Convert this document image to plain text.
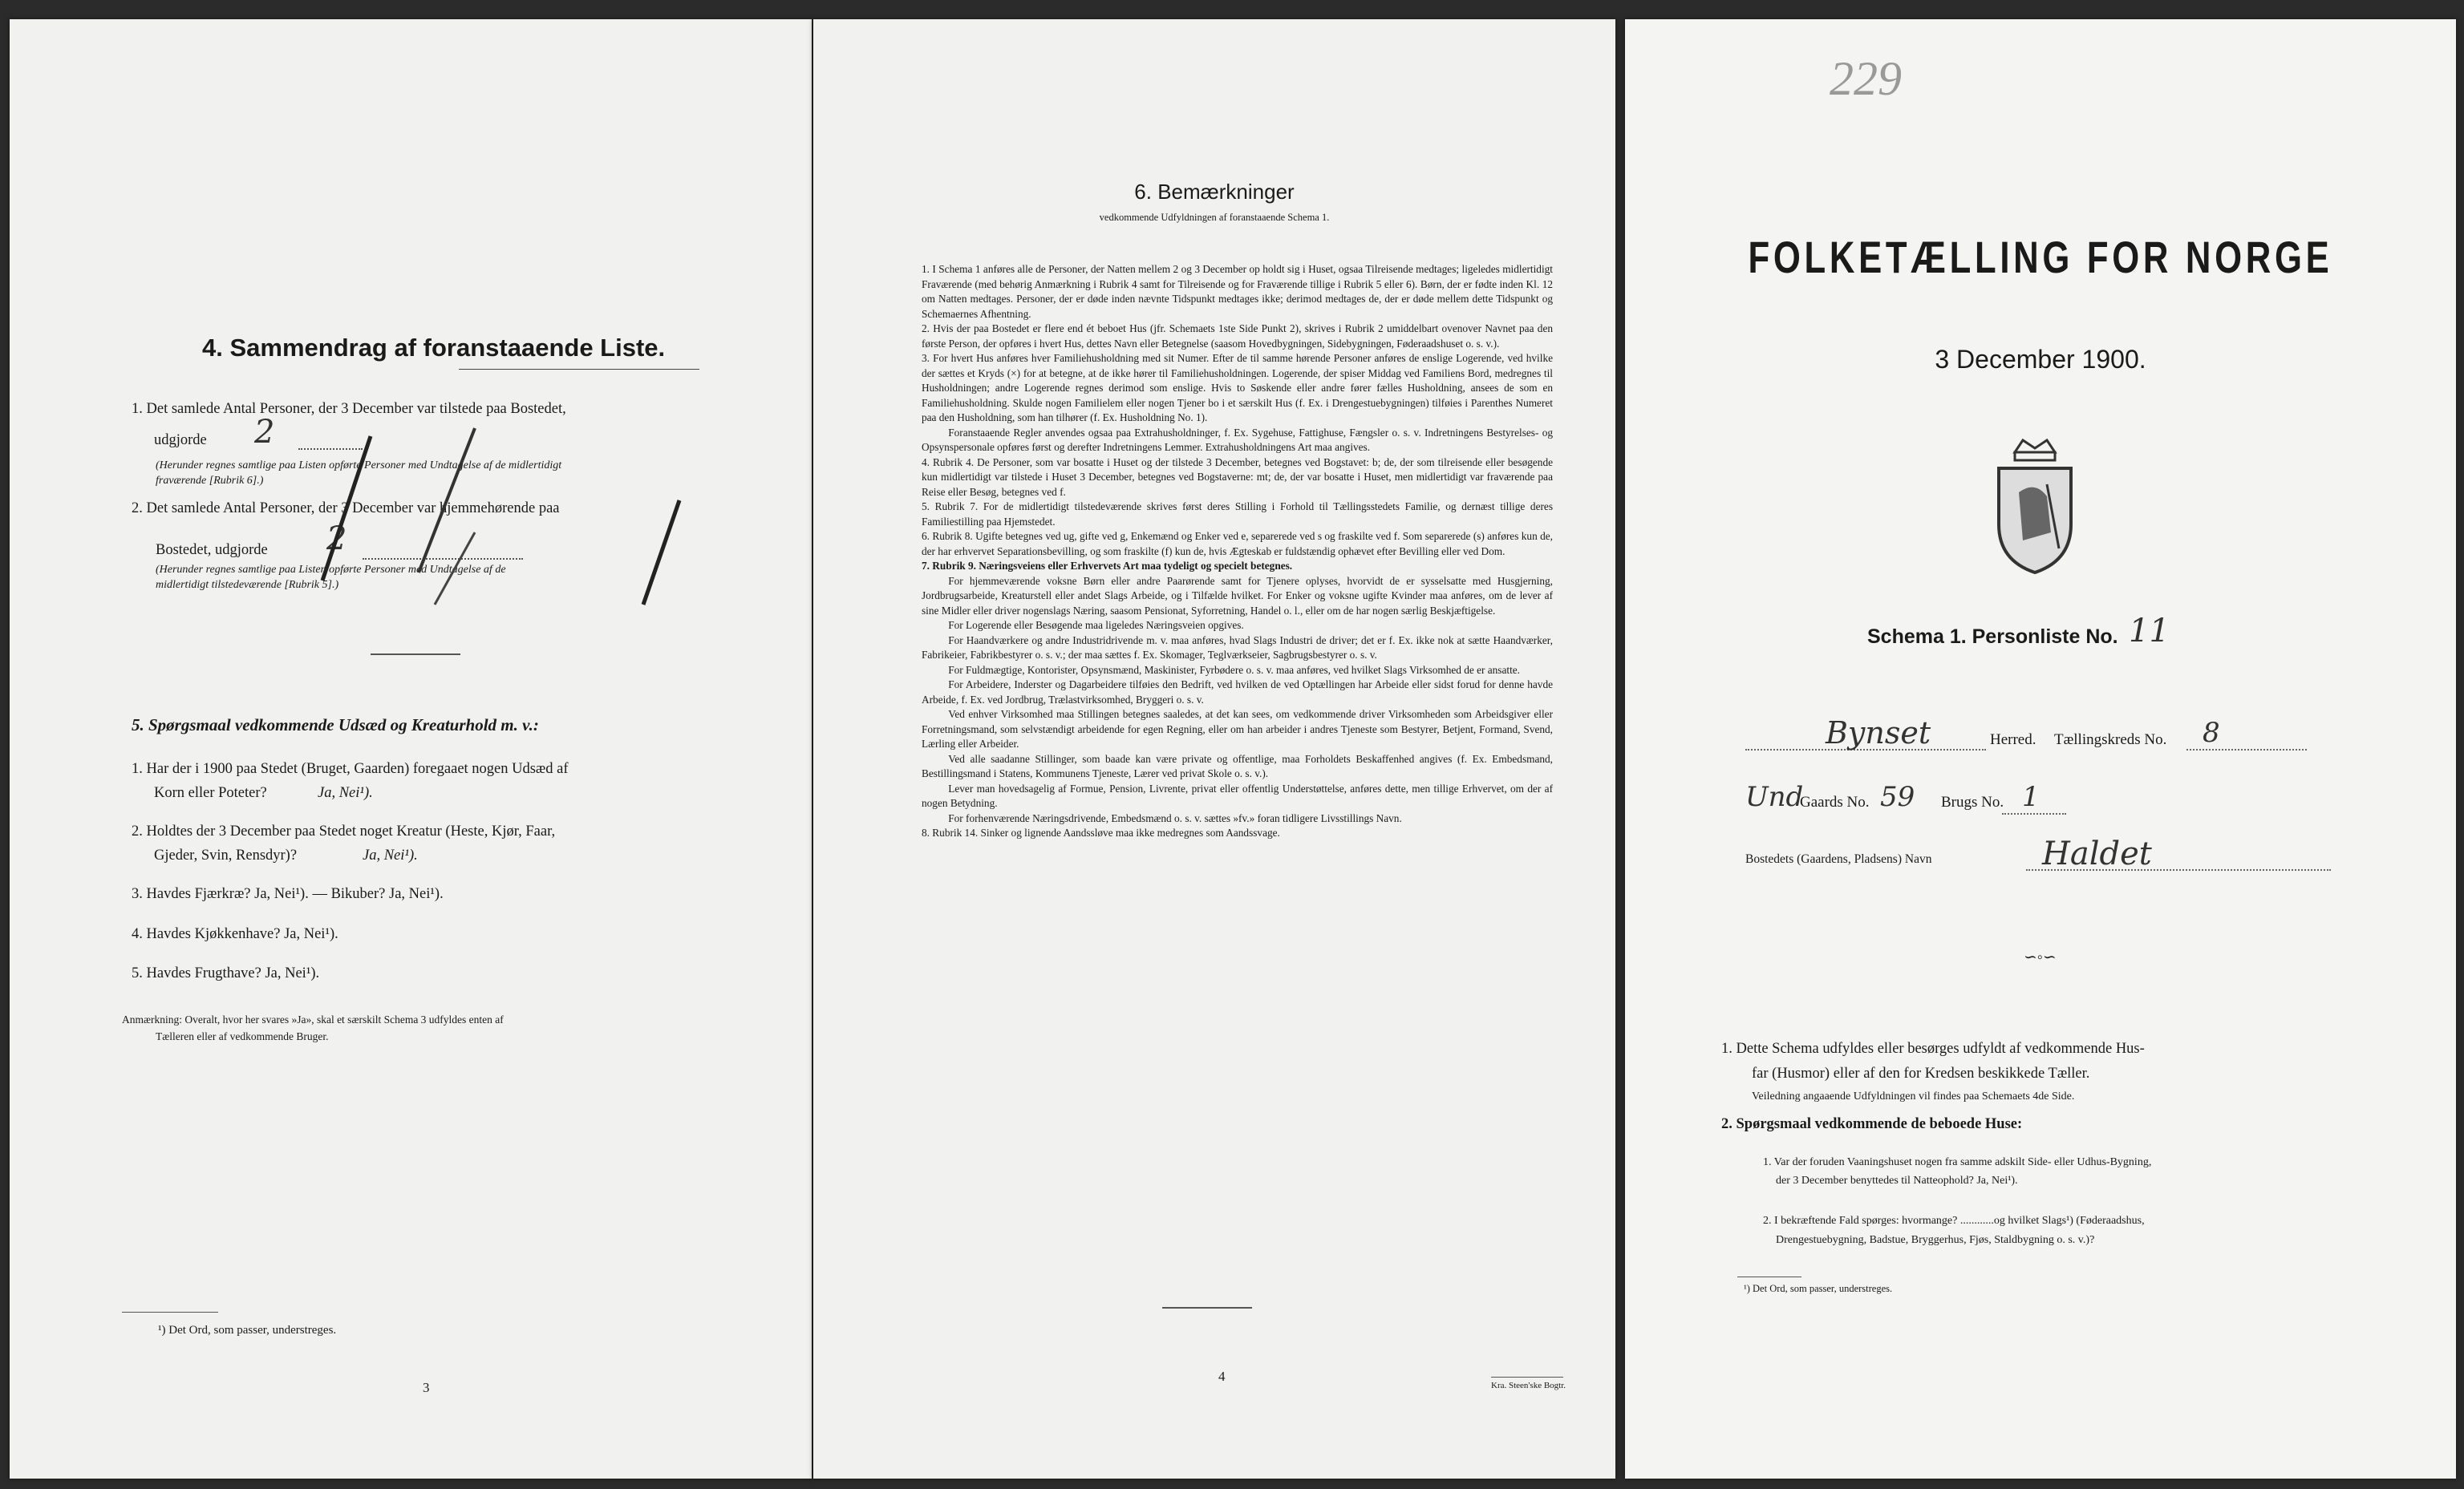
4. Sammendrag af foranstaaende Liste.
1. Det samlede Antal Personer, der 3 December var tilstede paa Bostedet,
udgjorde 2
(Herunder regnes samtlige paa Listen opførte Personer med Undtagelse af de midlertidigt
fraværende [Rubrik 6].)
2. Det samlede Antal Personer, der 3 December var hjemmehørende paa
Bostedet, udgjorde 2
(Herunder regnes samtlige paa Listen opførte Personer med Undtagelse af de
midlertidigt tilstedeværende [Rubrik 5].)
5. Spørgsmaal vedkommende Udsæd og Kreaturhold m. v.:
1. Har der i 1900 paa Stedet (Bruget, Gaarden) foregaaet nogen Udsæd af
Korn eller Poteter?	Ja, Nei¹).
2. Holdtes der 3 December paa Stedet noget Kreatur (Heste, Kjør, Faar,
Gjeder, Svin, Rensdyr)?	Ja, Nei¹).
3. Havdes Fjærkræ? Ja, Nei¹). — Bikuber? Ja, Nei¹).
4. Havdes Kjøkkenhave? Ja, Nei¹).
5. Havdes Frugthave? Ja, Nei¹).
Anmærkning: Overalt, hvor her svares »Ja», skal et særskilt Schema 3 udfyldes enten af
Tælleren eller af vedkommende Bruger.
¹) Det Ord, som passer, understreges.
3
6. Bemærkninger
vedkommende Udfyldningen af foranstaaende Schema 1.

1. I Schema 1 anføres alle de Personer, der Natten mellem 2 og 3 December op holdt sig i Huset, ogsaa Tilreisende medtages; ligeledes midlertidigt Fraværende (med behørig Anmærkning i Rubrik 4 samt for Tilreisende og for Fraværende tillige i Rubrik 5 eller 6). Børn, der er fødte inden Kl. 12 om Natten medtages. Personer, der er døde inden nævnte Tidspunkt medtages ikke; derimod medtages de, der er døde mellem dette Tidspunkt og Schemaernes Afhentning.

2. Hvis der paa Bostedet er flere end ét beboet Hus (jfr. Schemaets 1ste Side Punkt 2), skrives i Rubrik 2 umiddelbart ovenover Navnet paa den første Person, der opføres i hvert Hus, dettes Navn eller Betegnelse (saasom Hovedbygningen, Sidebygningen, Føderaadshuset o. s. v.).

3. For hvert Hus anføres hver Familiehusholdning med sit Numer. Efter de til samme hørende Personer anføres de enslige Logerende, ved hvilke der sættes et Kryds (×) for at betegne, at de ikke hører til Familiehusholdningen. Logerende, der spiser Middag ved Familiens Bord, medregnes til Husholdningen; andre Logerende regnes derimod som enslige. Hvis to Søskende eller andre fører fælles Husholdning, ansees de som en Familiehusholdning. Skulde nogen Familielem eller nogen Tjener bo i et særskilt Hus (f. Ex. i Drengestuebygningen) tilføies i Parenthes Numeret paa den Husholdning, som han tilhører (f. Ex. Husholdning No. 1).

Foranstaaende Regler anvendes ogsaa paa Extrahusholdninger, f. Ex. Sygehuse, Fattighuse, Fængsler o. s. v. Indretningens Bestyrelses- og Opsynspersonale opføres først og derefter Indretningens Lemmer. Extrahusholdningens Art maa angives.

4. Rubrik 4. De Personer, som var bosatte i Huset og der tilstede 3 December, betegnes ved Bogstavet: b; de, der som tilreisende eller besøgende kun midlertidigt var tilstede i Huset 3 December, betegnes ved Bogstaverne: mt; de, der var bosatte i Huset, men midlertidigt var fraværende paa Reise eller Besøg, betegnes ved f.

5. Rubrik 7. For de midlertidigt tilstedeværende skrives først deres Stilling i Forhold til Tællingsstedets Familie, og dernæst tillige deres Familiestilling paa Hjemstedet.

6. Rubrik 8. Ugifte betegnes ved ug, gifte ved g, Enkemænd og Enker ved e, separerede ved s og fraskilte ved f. Som separerede (s) anføres kun de, der har erhvervet Separationsbevilling, og som fraskilte (f) kun de, hvis Ægteskab er fuldstændig ophævet efter Bevilling eller ved Dom.

7. Rubrik 9. Næringsveiens eller Erhvervets Art maa tydeligt og specielt betegnes.

For hjemmeværende voksne Børn eller andre Paarørende samt for Tjenere oplyses, hvorvidt de er sysselsatte med Husgjerning, Jordbrugsarbeide, Kreaturstell eller andet Slags Arbeide, og i Tilfælde hvilket. For Enker og voksne ugifte Kvinder maa anføres, om de lever af sine Midler eller driver nogenslags Næring, saasom Pensionat, Syforretning, Handel o. l., eller om de har nogen særlig Beskjæftigelse.

For Logerende eller Besøgende maa ligeledes Næringsveien opgives.

For Haandværkere og andre Industridrivende m. v. maa anføres, hvad Slags Industri de driver; det er f. Ex. ikke nok at sætte Haandværker, Fabrikeier, Fabrikbestyrer o. s. v.; der maa sættes f. Ex. Skomager, Teglværkseier, Sagbrugsbestyrer o. s. v.

For Fuldmægtige, Kontorister, Opsynsmænd, Maskinister, Fyrbødere o. s. v. maa anføres, ved hvilket Slags Virksomhed de er ansatte.

For Arbeidere, Inderster og Dagarbeidere tilføies den Bedrift, ved hvilken de ved Optællingen har Arbeide eller sidst forud for denne havde Arbeide, f. Ex. ved Jordbrug, Trælastvirksomhed, Bryggeri o. s. v.

Ved enhver Virksomhed maa Stillingen betegnes saaledes, at det kan sees, om vedkommende driver Virksomheden som Arbeidsgiver eller Forretningsmand, som selvstændigt arbeidende for egen Regning, eller om han arbeider i andres Tjeneste som Bestyrer, Betjent, Formand, Svend, Lærling eller Arbeider.

Ved alle saadanne Stillinger, som baade kan være private og offentlige, maa Forholdets Beskaffenhed angives (f. Ex. Embedsmand, Bestillingsmand i Statens, Kommunens Tjeneste, Lærer ved privat Skole o. s. v.).

Lever man hovedsagelig af Formue, Pension, Livrente, privat eller offentlig Understøttelse, anføres dette, men tillige Erhvervet, om der af nogen Betydning.

For forhenværende Næringsdrivende, Embedsmænd o. s. v. sættes »fv.» foran tidligere Livsstillings Navn.

8. Rubrik 14. Sinker og lignende Aandssløve maa ikke medregnes som Aandssvage.

4
Kra. Steen'ske Bogtr.
229
FOLKETÆLLING FOR NORGE
3 December 1900.
Schema 1. Personliste No. 11
Bynset	Herred. Tællingskreds No. 8
Und
Gaards No. 59 Brugs No. 1
Bostedets (Gaardens, Pladsens) Navn	Haldet
∽◦∽
1. Dette Schema udfyldes eller besørges udfyldt af vedkommende Hus-
far (Husmor) eller af den for Kredsen beskikkede Tæller.
Veiledning angaaende Udfyldningen vil findes paa Schemaets 4de Side.
2. Spørgsmaal vedkommende de beboede Huse:
1. Var der foruden Vaaningshuset nogen fra samme adskilt Side- eller Udhus-Bygning,
der 3 December benyttedes til Natteophold? Ja, Nei¹).
2. I bekræftende Fald spørges: hvormange? ............og hvilket Slags¹) (Føderaadshus,
Drengestuebygning, Badstue, Bryggerhus, Fjøs, Staldbygning o. s. v.)?
¹) Det Ord, som passer, understreges.
